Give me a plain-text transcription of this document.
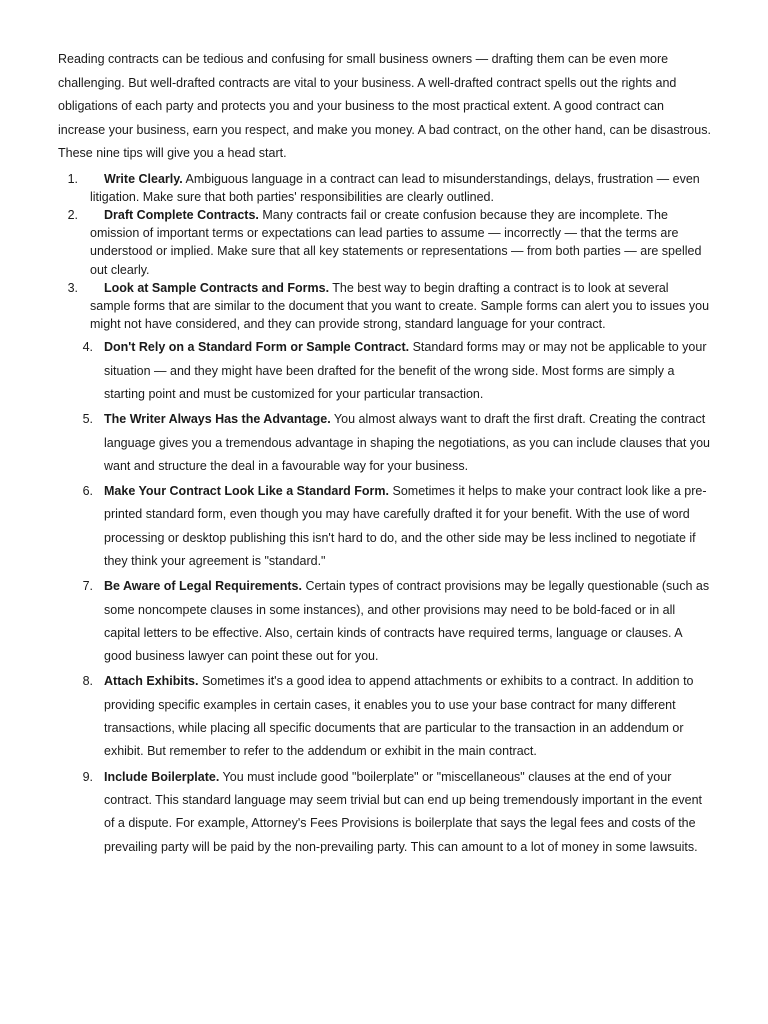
Reading contracts can be tedious and confusing for small business owners — drafting them can be even more challenging. But well-drafted contracts are vital to your business. A well-drafted contract spells out the rights and obligations of each party and protects you and your business to the most practical extent. A good contract can increase your business, earn you respect, and make you money. A bad contract, on the other hand, can be disastrous. These nine tips will give you a head start.

1. Write Clearly. Ambiguous language in a contract can lead to misunderstandings, delays, frustration — even litigation. Make sure that both parties' responsibilities are clearly outlined.
2. Draft Complete Contracts. Many contracts fail or create confusion because they are incomplete. The omission of important terms or expectations can lead parties to assume — incorrectly — that the terms are understood or implied. Make sure that all key statements or representations — from both parties — are spelled out clearly.
3. Look at Sample Contracts and Forms. The best way to begin drafting a contract is to look at several sample forms that are similar to the document that you want to create. Sample forms can alert you to issues you might not have considered, and they can provide strong, standard language for your contract.
4. Don't Rely on a Standard Form or Sample Contract. Standard forms may or may not be applicable to your situation — and they might have been drafted for the benefit of the wrong side. Most forms are simply a starting point and must be customized for your particular transaction.
5. The Writer Always Has the Advantage. You almost always want to draft the first draft. Creating the contract language gives you a tremendous advantage in shaping the negotiations, as you can include clauses that you want and structure the deal in a favourable way for your business.
6. Make Your Contract Look Like a Standard Form. Sometimes it helps to make your contract look like a pre-printed standard form, even though you may have carefully drafted it for your benefit. With the use of word processing or desktop publishing this isn't hard to do, and the other side may be less inclined to negotiate if they think your agreement is "standard."
7. Be Aware of Legal Requirements. Certain types of contract provisions may be legally questionable (such as some noncompete clauses in some instances), and other provisions may need to be bold-faced or in all capital letters to be effective. Also, certain kinds of contracts have required terms, language or clauses. A good business lawyer can point these out for you.
8. Attach Exhibits. Sometimes it's a good idea to append attachments or exhibits to a contract. In addition to providing specific examples in certain cases, it enables you to use your base contract for many different transactions, while placing all specific documents that are particular to the transaction in an addendum or exhibit. But remember to refer to the addendum or exhibit in the main contract.
9. Include Boilerplate. You must include good "boilerplate" or "miscellaneous" clauses at the end of your contract. This standard language may seem trivial but can end up being tremendously important in the event of a dispute. For example, Attorney's Fees Provisions is boilerplate that says the legal fees and costs of the prevailing party will be paid by the non-prevailing party. This can amount to a lot of money in some lawsuits.
